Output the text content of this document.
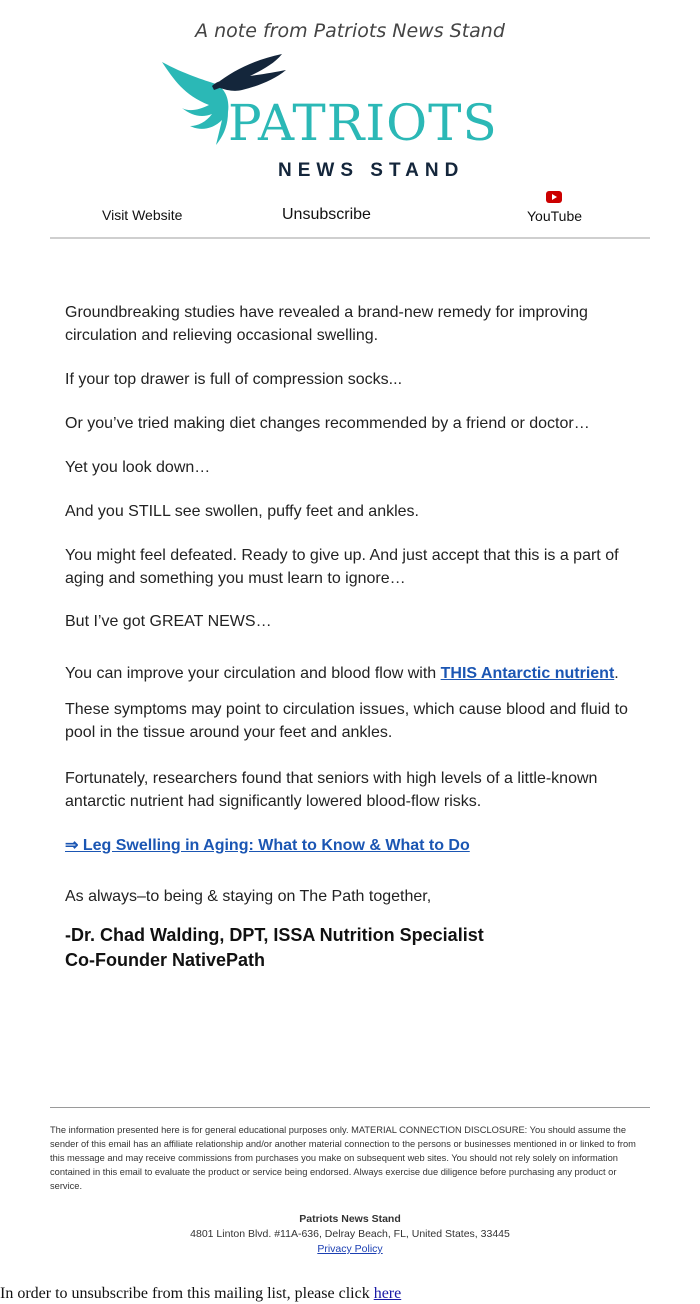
A note from Patriots News Stand
PATRIOTS
NEWS STAND
Visit Website	Unsubscribe	YouTube

Groundbreaking studies have revealed a brand-new remedy for improving circulation and relieving occasional swelling.

If your top drawer is full of compression socks...

Or you’ve tried making diet changes recommended by a friend or doctor…

Yet you look down…

And you STILL see swollen, puffy feet and ankles.

You might feel defeated. Ready to give up. And just accept that this is a part of aging and something you must learn to ignore…

But I’ve got GREAT NEWS…

You can improve your circulation and blood flow with THIS Antarctic nutrient.

These symptoms may point to circulation issues, which cause blood and fluid to pool in the tissue around your feet and ankles.

Fortunately, researchers found that seniors with high levels of a little-known antarctic nutrient had significantly lowered blood-flow risks.

⇒ Leg Swelling in Aging: What to Know & What to Do

As always–to being & staying on The Path together,

-Dr. Chad Walding, DPT, ISSA Nutrition Specialist

Co-Founder NativePath

The information presented here is for general educational purposes only. MATERIAL CONNECTION DISCLOSURE: You should assume the sender of this email has an affiliate relationship and/or another material connection to the persons or businesses mentioned in or linked to from this message and may receive commissions from purchases you make on subsequent web sites. You should not rely solely on information contained in this email to evaluate the product or service being endorsed. Always exercise due diligence before purchasing any product or service.
Patriots News Stand
4801 Linton Blvd. #11A-636, Delray Beach, FL, United States, 33445
Privacy Policy
In order to unsubscribe from this mailing list, please click here
